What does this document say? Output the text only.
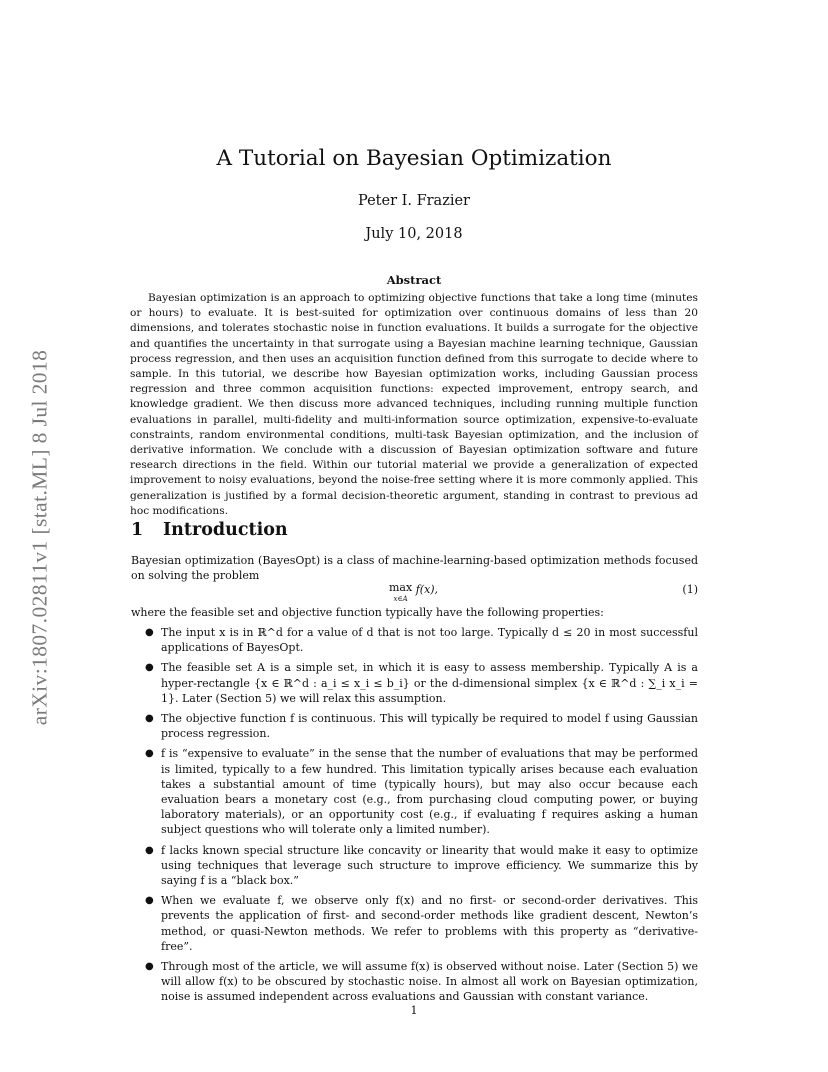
arXiv:1807.02811v1 [stat.ML] 8 Jul 2018
A Tutorial on Bayesian Optimization
Peter I. Frazier
July 10, 2018
Abstract
Bayesian optimization is an approach to optimizing objective functions that take a long time (minutes or hours) to evaluate. It is best-suited for optimization over continuous domains of less than 20 dimensions, and tolerates stochastic noise in function evaluations. It builds a surrogate for the objective and quantifies the uncertainty in that surrogate using a Bayesian machine learning technique, Gaussian process regression, and then uses an acquisition function defined from this surrogate to decide where to sample. In this tutorial, we describe how Bayesian optimization works, including Gaussian process regression and three common acquisition functions: expected improvement, entropy search, and knowledge gradient. We then discuss more advanced techniques, including running multiple function evaluations in parallel, multi-fidelity and multi-information source optimization, expensive-to-evaluate constraints, random environmental conditions, multi-task Bayesian optimization, and the inclusion of derivative information. We conclude with a discussion of Bayesian optimization software and future research directions in the field. Within our tutorial material we provide a generalization of expected improvement to noisy evaluations, beyond the noise-free setting where it is more commonly applied. This generalization is justified by a formal decision-theoretic argument, standing in contrast to previous ad hoc modifications.
1 Introduction
Bayesian optimization (BayesOpt) is a class of machine-learning-based optimization methods focused on solving the problem
max
x∈A
f(x),	(1)
where the feasible set and objective function typically have the following properties:
● The input x is in ℝ^d for a value of d that is not too large. Typically d ≤ 20 in most successful applications of BayesOpt.
● The feasible set A is a simple set, in which it is easy to assess membership. Typically A is a hyper-rectangle {x ∈ ℝ^d : a_i ≤ x_i ≤ b_i} or the d-dimensional simplex {x ∈ ℝ^d : ∑_i x_i = 1}. Later (Section 5) we will relax this assumption.
● The objective function f is continuous. This will typically be required to model f using Gaussian process regression.
● f is “expensive to evaluate” in the sense that the number of evaluations that may be performed is limited, typically to a few hundred. This limitation typically arises because each evaluation takes a substantial amount of time (typically hours), but may also occur because each evaluation bears a monetary cost (e.g., from purchasing cloud computing power, or buying laboratory materials), or an opportunity cost (e.g., if evaluating f requires asking a human subject questions who will tolerate only a limited number).
● f lacks known special structure like concavity or linearity that would make it easy to optimize using techniques that leverage such structure to improve efficiency. We summarize this by saying f is a “black box.”
● When we evaluate f, we observe only f(x) and no first- or second-order derivatives. This prevents the application of first- and second-order methods like gradient descent, Newton’s method, or quasi-Newton methods. We refer to problems with this property as “derivative-free”.
● Through most of the article, we will assume f(x) is observed without noise. Later (Section 5) we will allow f(x) to be obscured by stochastic noise. In almost all work on Bayesian optimization, noise is assumed independent across evaluations and Gaussian with constant variance.
1
